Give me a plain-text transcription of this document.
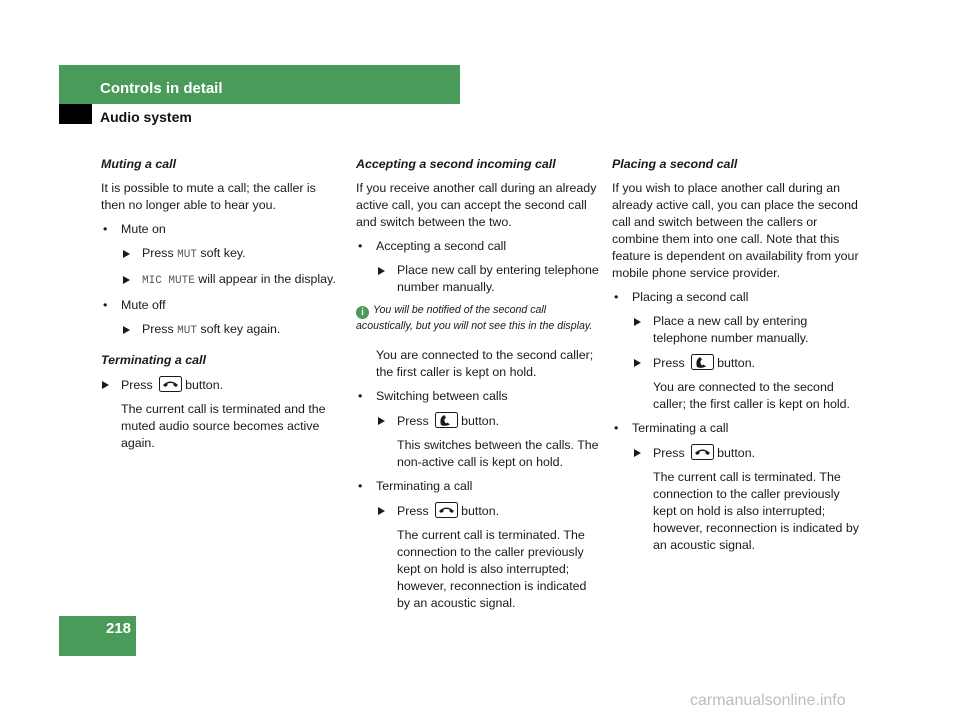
Controls in detail
Audio system
Muting a call
It is possible to mute a call; the caller is then no longer able to hear you.
• Mute on
Press MUT soft key.
MIC MUTE will appear in the display.
• Mute off
Press MUT soft key again.
Terminating a call
Press	button.
The current call is terminated and the muted audio source becomes active again.
Accepting a second incoming call
If you receive another call during an already active call, you can accept the second call and switch between the two.
• Accepting a second call
Place new call by entering telephone number manually.
i You will be notified of the second call acoustically, but you will not see this in the display.
You are connected to the second caller; the first caller is kept on hold.
• Switching between calls
Press	button.
This switches between the calls. The non-active call is kept on hold.
• Terminating a call
Press	button.
The current call is terminated. The connection to the caller previously kept on hold is also interrupted; however, reconnection is indicated by an acoustic signal.
Placing a second call
If you wish to place another call during an already active call, you can place the second call and switch between the callers or combine them into one call. Note that this feature is dependent on availability from your mobile phone service provider.
• Placing a second call
Place a new call by entering telephone number manually.
Press	button.
You are connected to the second caller; the first caller is kept on hold.
• Terminating a call
Press	button.
The current call is terminated. The connection to the caller previously kept on hold is also interrupted; however, reconnection is indicated by an acoustic signal.
218
carmanualsonline.info
